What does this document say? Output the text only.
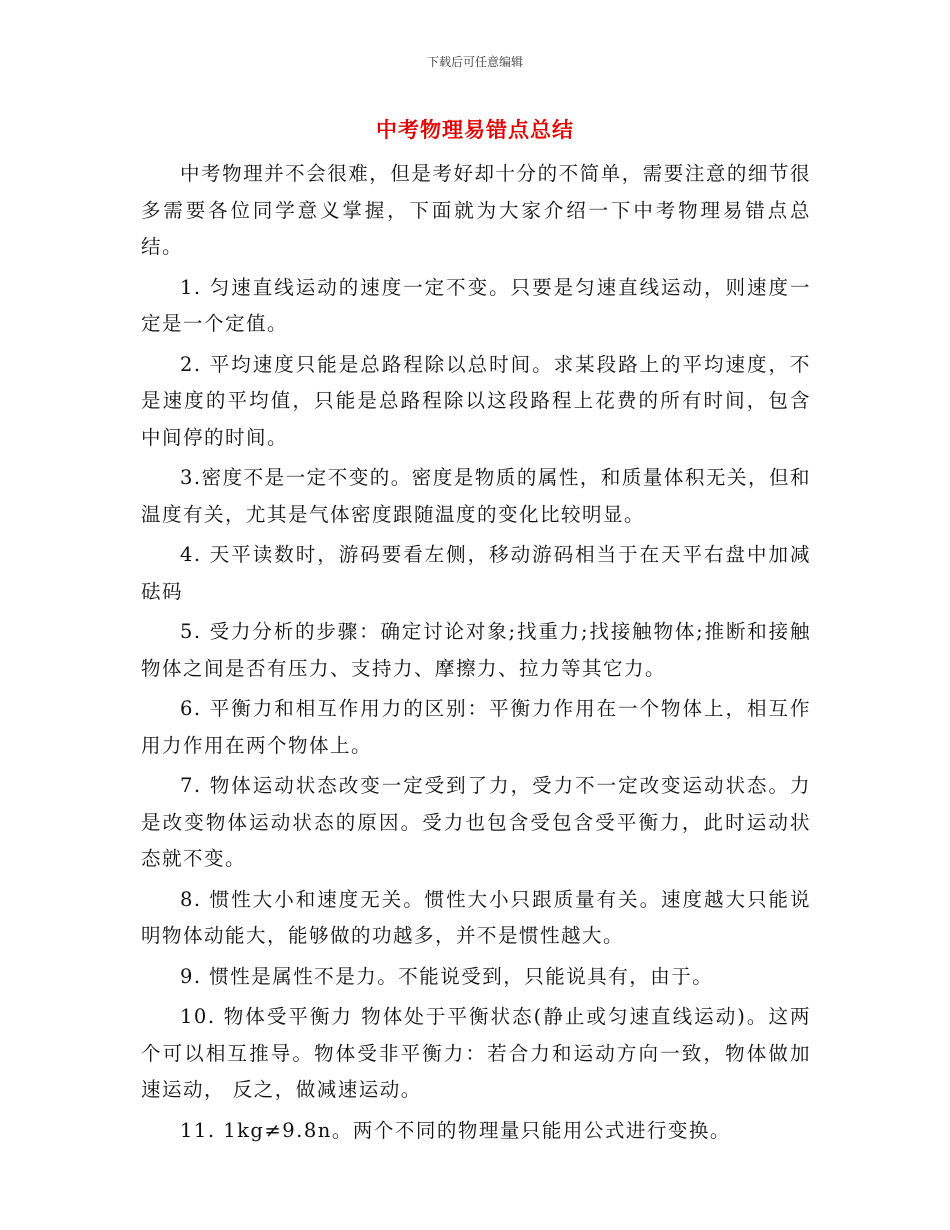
下载后可任意编辑
中考物理易错点总结

中考物理并不会很难，但是考好却十分的不简单，需要注意的细节很多需要各位同学意义掌握，下面就为大家介绍一下中考物理易错点总结。

1. 匀速直线运动的速度一定不变。只要是匀速直线运动，则速度一定是一个定值。

2. 平均速度只能是总路程除以总时间。求某段路上的平均速度，不是速度的平均值，只能是总路程除以这段路程上花费的所有时间，包含中间停的时间。

3.密度不是一定不变的。密度是物质的属性，和质量体积无关，但和温度有关，尤其是气体密度跟随温度的变化比较明显。

4. 天平读数时，游码要看左侧，移动游码相当于在天平右盘中加减砝码

5. 受力分析的步骤：确定讨论对象;找重力;找接触物体;推断和接触物体之间是否有压力、支持力、摩擦力、拉力等其它力。

6. 平衡力和相互作用力的区别：平衡力作用在一个物体上，相互作用力作用在两个物体上。

7. 物体运动状态改变一定受到了力，受力不一定改变运动状态。力是改变物体运动状态的原因。受力也包含受包含受平衡力，此时运动状态就不变。

8. 惯性大小和速度无关。惯性大小只跟质量有关。速度越大只能说明物体动能大，能够做的功越多，并不是惯性越大。

9. 惯性是属性不是力。不能说受到，只能说具有，由于。

10. 物体受平衡力 物体处于平衡状态(静止或匀速直线运动)。这两个可以相互推导。物体受非平衡力：若合力和运动方向一致，物体做加速运动， 反之，做减速运动。

11. 1kg≠9.8n。两个不同的物理量只能用公式进行变换。
